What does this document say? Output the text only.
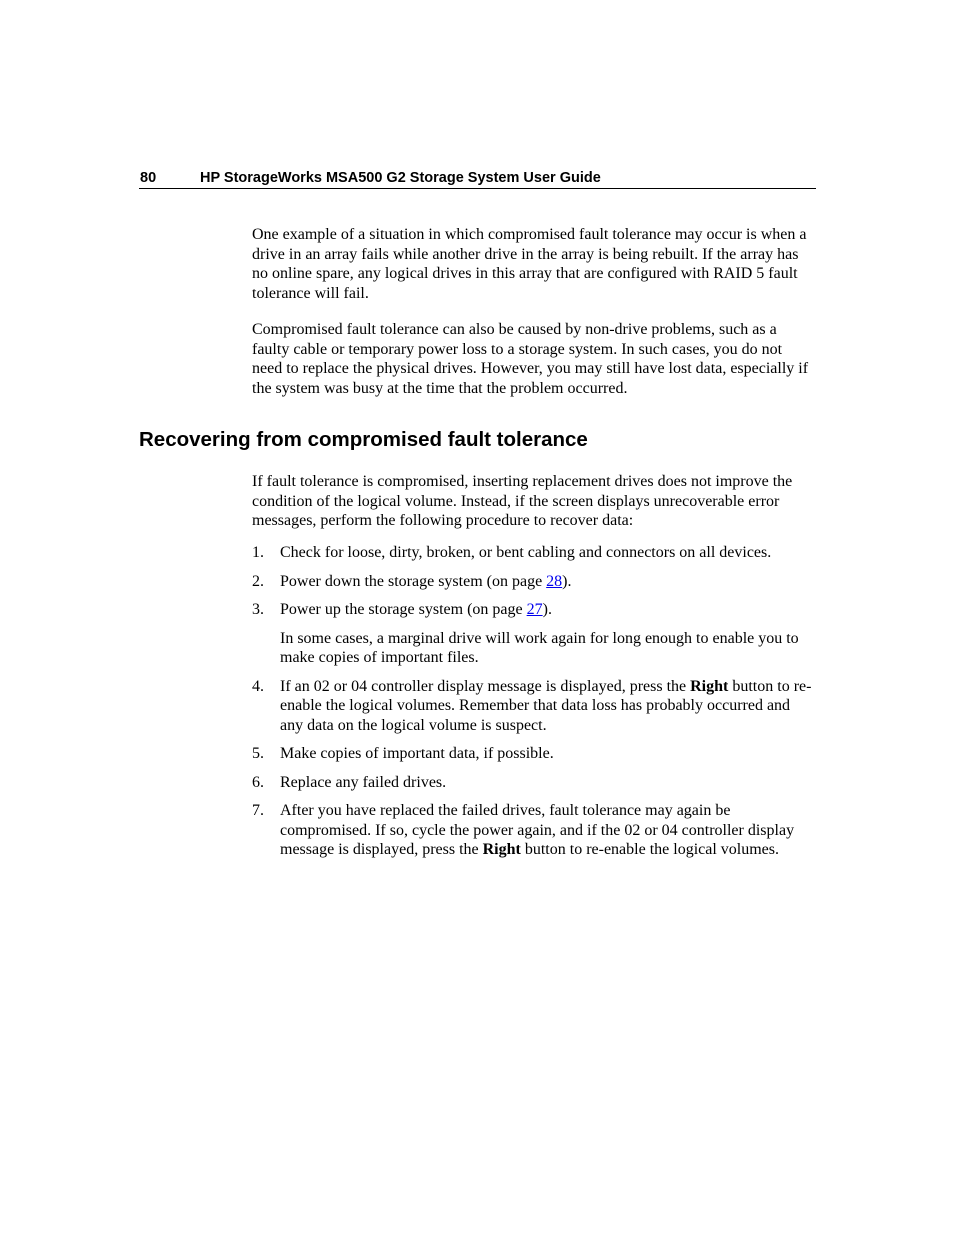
80	HP StorageWorks MSA500 G2 Storage System User Guide

One example of a situation in which compromised fault tolerance may occur is when a drive in an array fails while another drive in the array is being rebuilt. If the array has no online spare, any logical drives in this array that are configured with RAID 5 fault tolerance will fail.

Compromised fault tolerance can also be caused by non-drive problems, such as a faulty cable or temporary power loss to a storage system. In such cases, you do not need to replace the physical drives. However, you may still have lost data, especially if the system was busy at the time that the problem occurred.

Recovering from compromised fault tolerance

If fault tolerance is compromised, inserting replacement drives does not improve the condition of the logical volume. Instead, if the screen displays unrecoverable error messages, perform the following procedure to recover data:

1. Check for loose, dirty, broken, or bent cabling and connectors on all devices.
2. Power down the storage system (on page 28).
3. Power up the storage system (on page 27).
In some cases, a marginal drive will work again for long enough to enable you to make copies of important files.
4. If an 02 or 04 controller display message is displayed, press the Right button to re-enable the logical volumes. Remember that data loss has probably occurred and any data on the logical volume is suspect.
5. Make copies of important data, if possible.
6. Replace any failed drives.
7. After you have replaced the failed drives, fault tolerance may again be compromised. If so, cycle the power again, and if the 02 or 04 controller display message is displayed, press the Right button to re-enable the logical volumes.
